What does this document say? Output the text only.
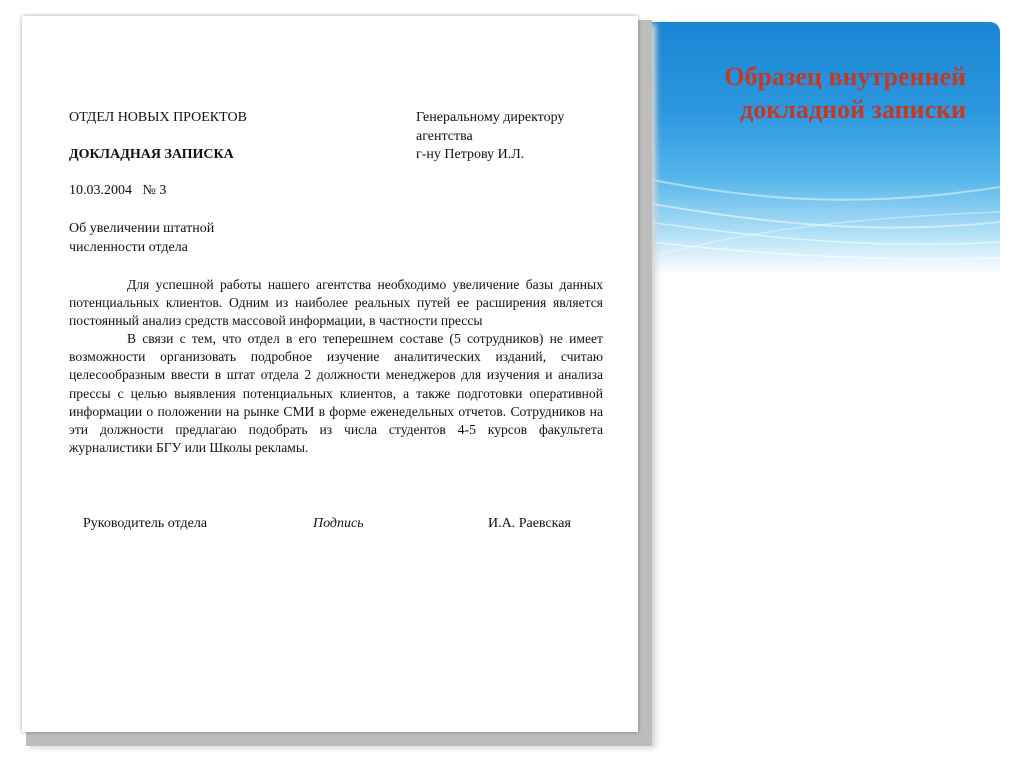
Образец внутренней докладной записки

ОТДЕЛ НОВЫХ ПРОЕКТОВ

ДОКЛАДНАЯ ЗАПИСКА

10.03.2004   № 3

Генеральному директору

агентства

г-ну Петрову И.Л.

Об увеличении штатной

численности отдела

Для успешной работы нашего агентства необходимо увеличение базы данных потенциальных клиентов. Одним из наиболее реальных путей ее расширения является постоянный анализ средств массовой информации, в частности прессы

В связи с тем, что отдел в его теперешнем составе (5 сотрудников) не имеет возможности организовать подробное изучение аналитических изданий, считаю целесообразным ввести в штат отдела 2 должности менеджеров для изучения и анализа прессы с целью выявления потенциальных клиентов, а также подготовки оперативной информации о положении на рынке СМИ в форме еженедельных отчетов. Сотрудников на эти должности предлагаю подобрать из числа студентов 4-5 курсов факультета журналистики БГУ или Школы рекламы.

Руководитель отдела	Подпись	И.А. Раевская
